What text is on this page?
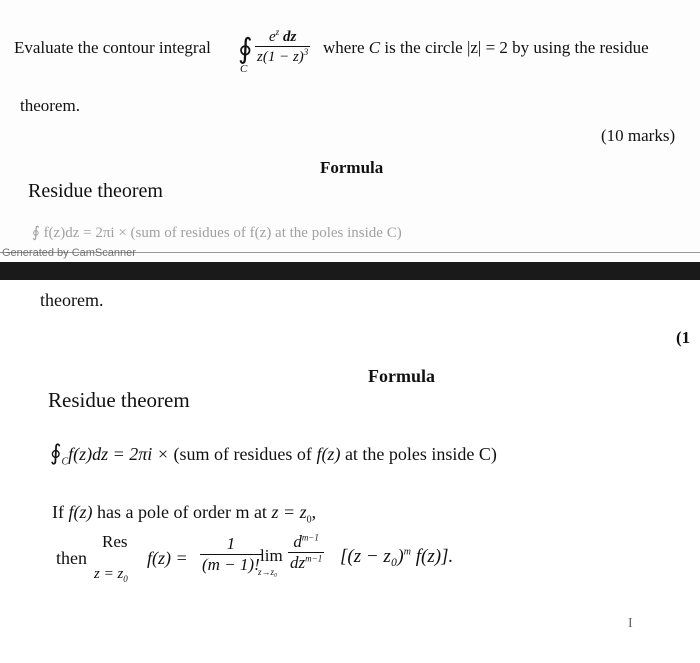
Evaluate the contour integral ∮
C
$e^z$ dz
$z(1 - z)^3$ where C is the circle |z| = 2 by using the residue
theorem.
(10 marks)
Formula
Residue theorem
∮ f(z)dz = 2πi × (sum of residues of f(z) at the poles inside C)
Generated by CamScanner
theorem.
(1
Formula
Residue theorem
$∮_Cf(z)dz = 2\pi i \times (sum$ of residues of f(z) at the poles inside C)
If f(z) has a pole of order m at $z = z_0$,
then
Res
$z = z_0$
$f(z) = \frac{1}{(m - 1)!}$
lim
z→z₀
$d^{m-1}$
$dz^{m-1}$ [$(z - z_0)^m$ f(z)].
I
